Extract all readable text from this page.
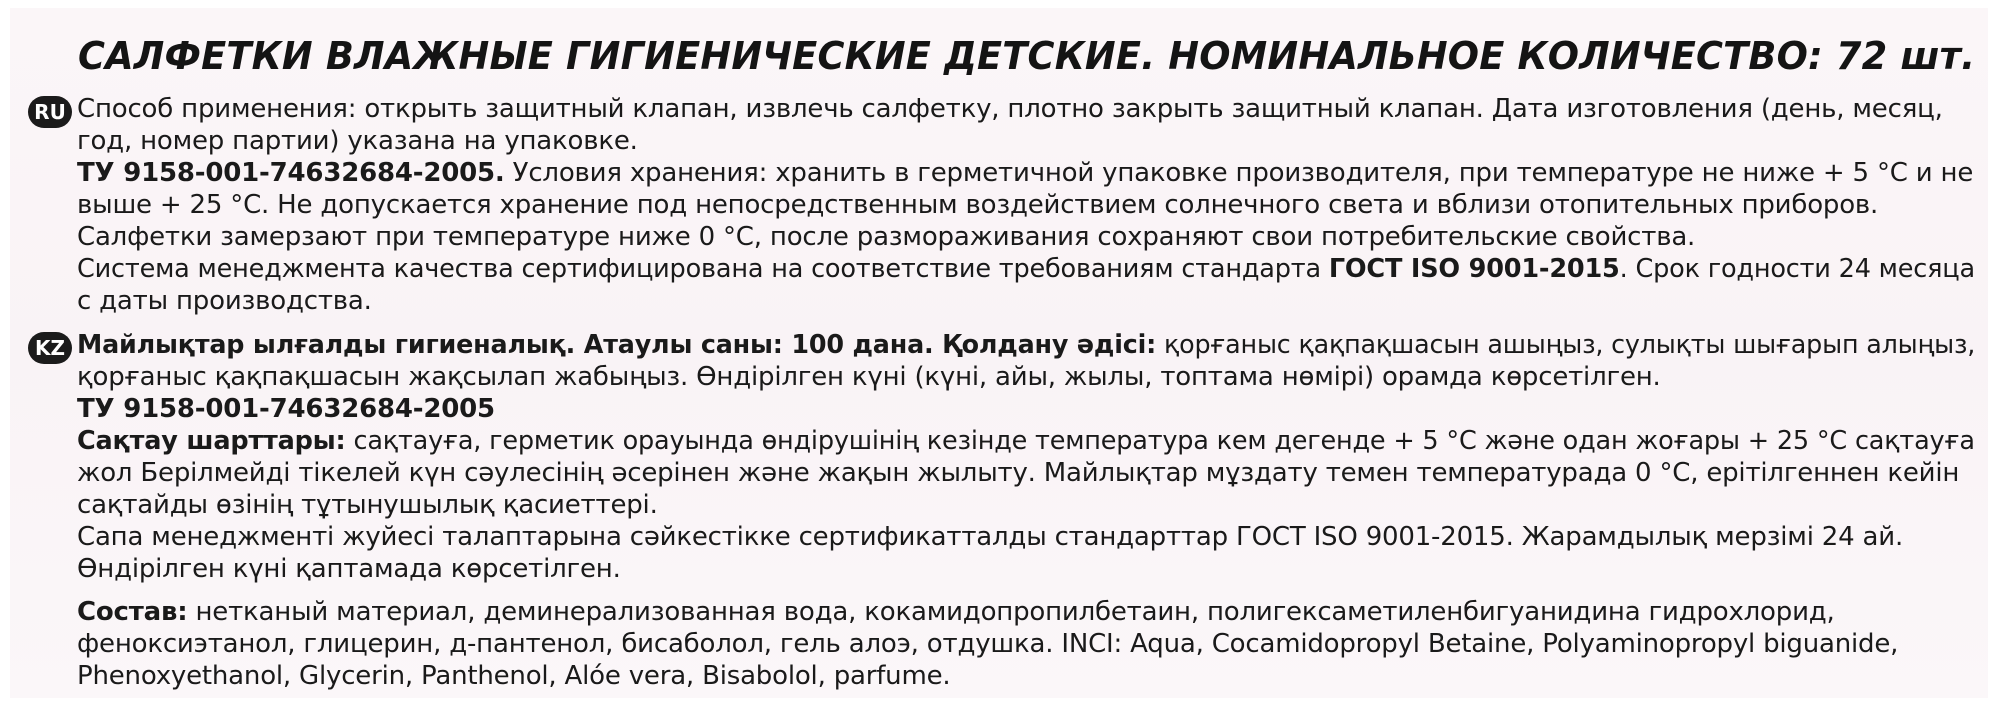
САЛФЕТКИ ВЛАЖНЫЕ ГИГИЕНИЧЕСКИЕ ДЕТСКИЕ. НОМИНАЛЬНОЕ КОЛИЧЕСТВО: 72 шт.
RU Способ применения: открыть защитный клапан, извлечь салфетку, плотно закрыть защитный клапан. Дата изготовления (день, месяц,
год, номер партии) указана на упаковке.
ТУ 9158-001-74632684-2005. Условия хранения: хранить в герметичной упаковке производителя, при температуре не ниже + 5 °С и не
выше + 25 °С. Не допускается хранение под непосредственным воздействием солнечного света и вблизи отопительных приборов.
Салфетки замерзают при температуре ниже 0 °С, после размораживания сохраняют свои потребительские свойства.
Система менеджмента качества сертифицирована на соответствие требованиям стандарта ГОСТ ISO 9001-2015. Срок годности 24 месяца
с даты производства.
KZ Майлықтар ылғалды гигиеналық. Атаулы саны: 100 дана. Қолдану әдісі: қорғаныс қақпақшасын ашыңыз, сулықты шығарып алыңыз,
қорғаныс қақпақшасын жақсылап жабыңыз. Өндірілген күні (күні, айы, жылы, топтама нөмірі) орамда көрсетілген.
ТУ 9158-001-74632684-2005
Сақтау шарттары: сақтауға, герметик орауында өндірушінің кезінде температура кем дегенде + 5 °С және одан жоғары + 25 °С сақтауға
жол Берілмейді тікелей күн сәулесінің әсерінен және жақын жылыту. Майлықтар мұздату темен температурада 0 °С, ерітілгеннен кейін
сақтайды өзінің тұтынушылық қасиеттері.
Сапа менеджменті жуйесі талаптарына сәйкестікке сертификатталды стандарттар ГОСТ ISO 9001-2015. Жарамдылық мерзімі 24 ай.
Өндірілген күні қаптамада көрсетілген.
Состав: нетканый материал, деминерализованная вода, кокамидопропилбетаин, полигексаметиленбигуанидина гидрохлорид,
феноксиэтанол, глицерин, д-пантенол, бисаболол, гель алоэ, отдушка. INCI: Aqua, Cocamidopropyl Betaine, Polyaminopropyl biguanide,
Phenoxyethanol, Glycerin, Panthenol, Alóe vera, Bisabolol, parfume.
